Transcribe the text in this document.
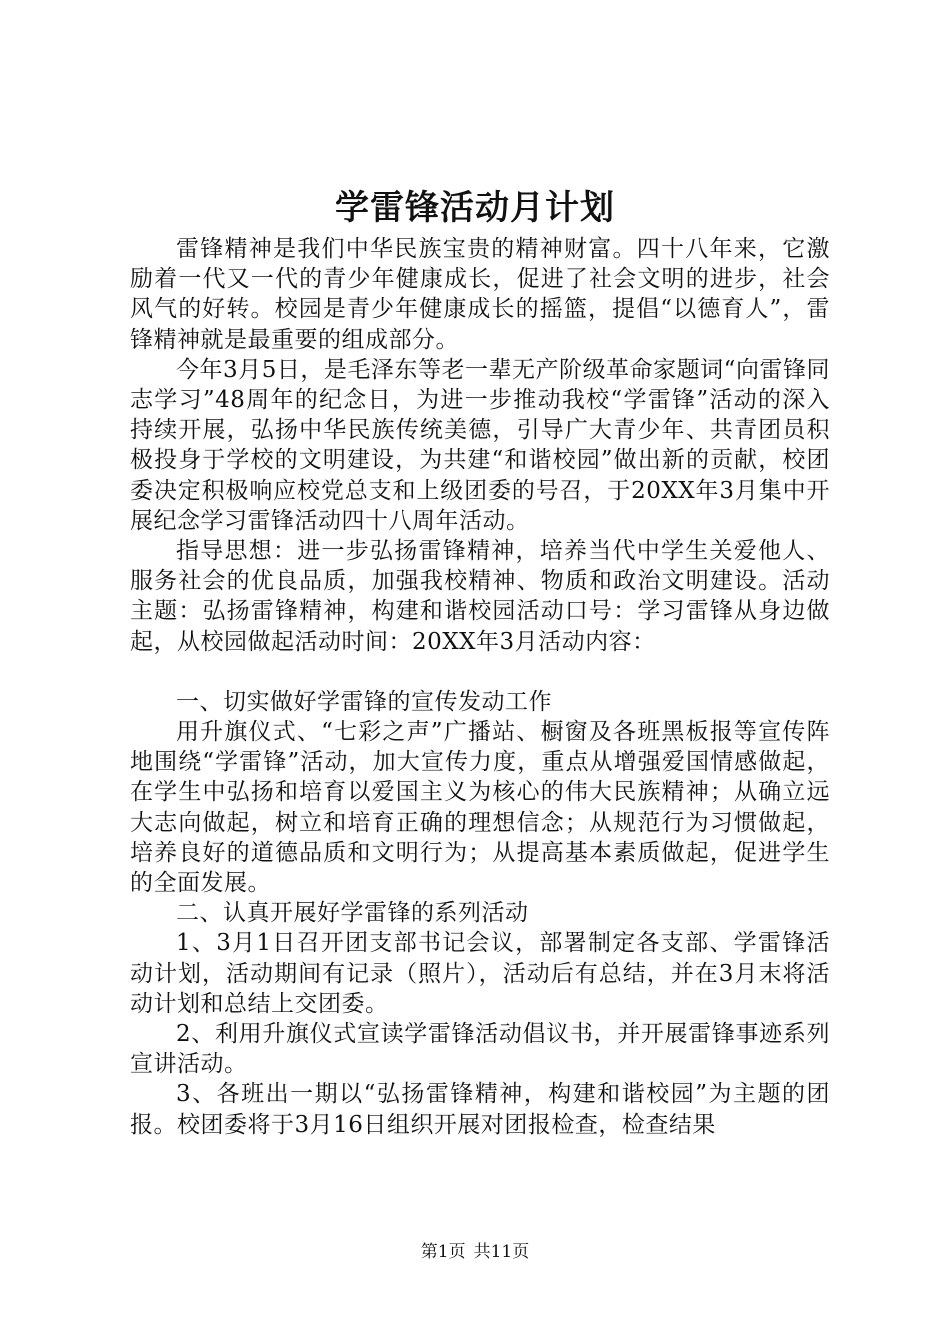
学雷锋活动月计划

雷锋精神是我们中华民族宝贵的精神财富。四十八年来，它激励着一代又一代的青少年健康成长，促进了社会文明的进步，社会风气的好转。校园是青少年健康成长的摇篮，提倡“以德育人”，雷锋精神就是最重要的组成部分。

今年3月5日，是毛泽东等老一辈无产阶级革命家题词“向雷锋同志学习”48周年的纪念日，为进一步推动我校“学雷锋”活动的深入持续开展，弘扬中华民族传统美德，引导广大青少年、共青团员积极投身于学校的文明建设，为共建“和谐校园”做出新的贡献，校团委决定积极响应校党总支和上级团委的号召，于20XX年3月集中开展纪念学习雷锋活动四十八周年活动。

指导思想：进一步弘扬雷锋精神，培养当代中学生关爱他人、服务社会的优良品质，加强我校精神、物质和政治文明建设。活动主题：弘扬雷锋精神，构建和谐校园活动口号：学习雷锋从身边做起，从校园做起活动时间：20XX年3月活动内容：

一、切实做好学雷锋的宣传发动工作

用升旗仪式、“七彩之声”广播站、橱窗及各班黑板报等宣传阵地围绕“学雷锋”活动，加大宣传力度，重点从增强爱国情感做起，在学生中弘扬和培育以爱国主义为核心的伟大民族精神；从确立远大志向做起，树立和培育正确的理想信念；从规范行为习惯做起，培养良好的道德品质和文明行为；从提高基本素质做起，促进学生的全面发展。

二、认真开展好学雷锋的系列活动

1、3月1日召开团支部书记会议，部署制定各支部、学雷锋活动计划，活动期间有记录（照片），活动后有总结，并在3月末将活动计划和总结上交团委。

2、利用升旗仪式宣读学雷锋活动倡议书，并开展雷锋事迹系列宣讲活动。

3、各班出一期以“弘扬雷锋精神，构建和谐校园”为主题的团报。校团委将于3月16日组织开展对团报检查，检查结果

第1页 共11页
